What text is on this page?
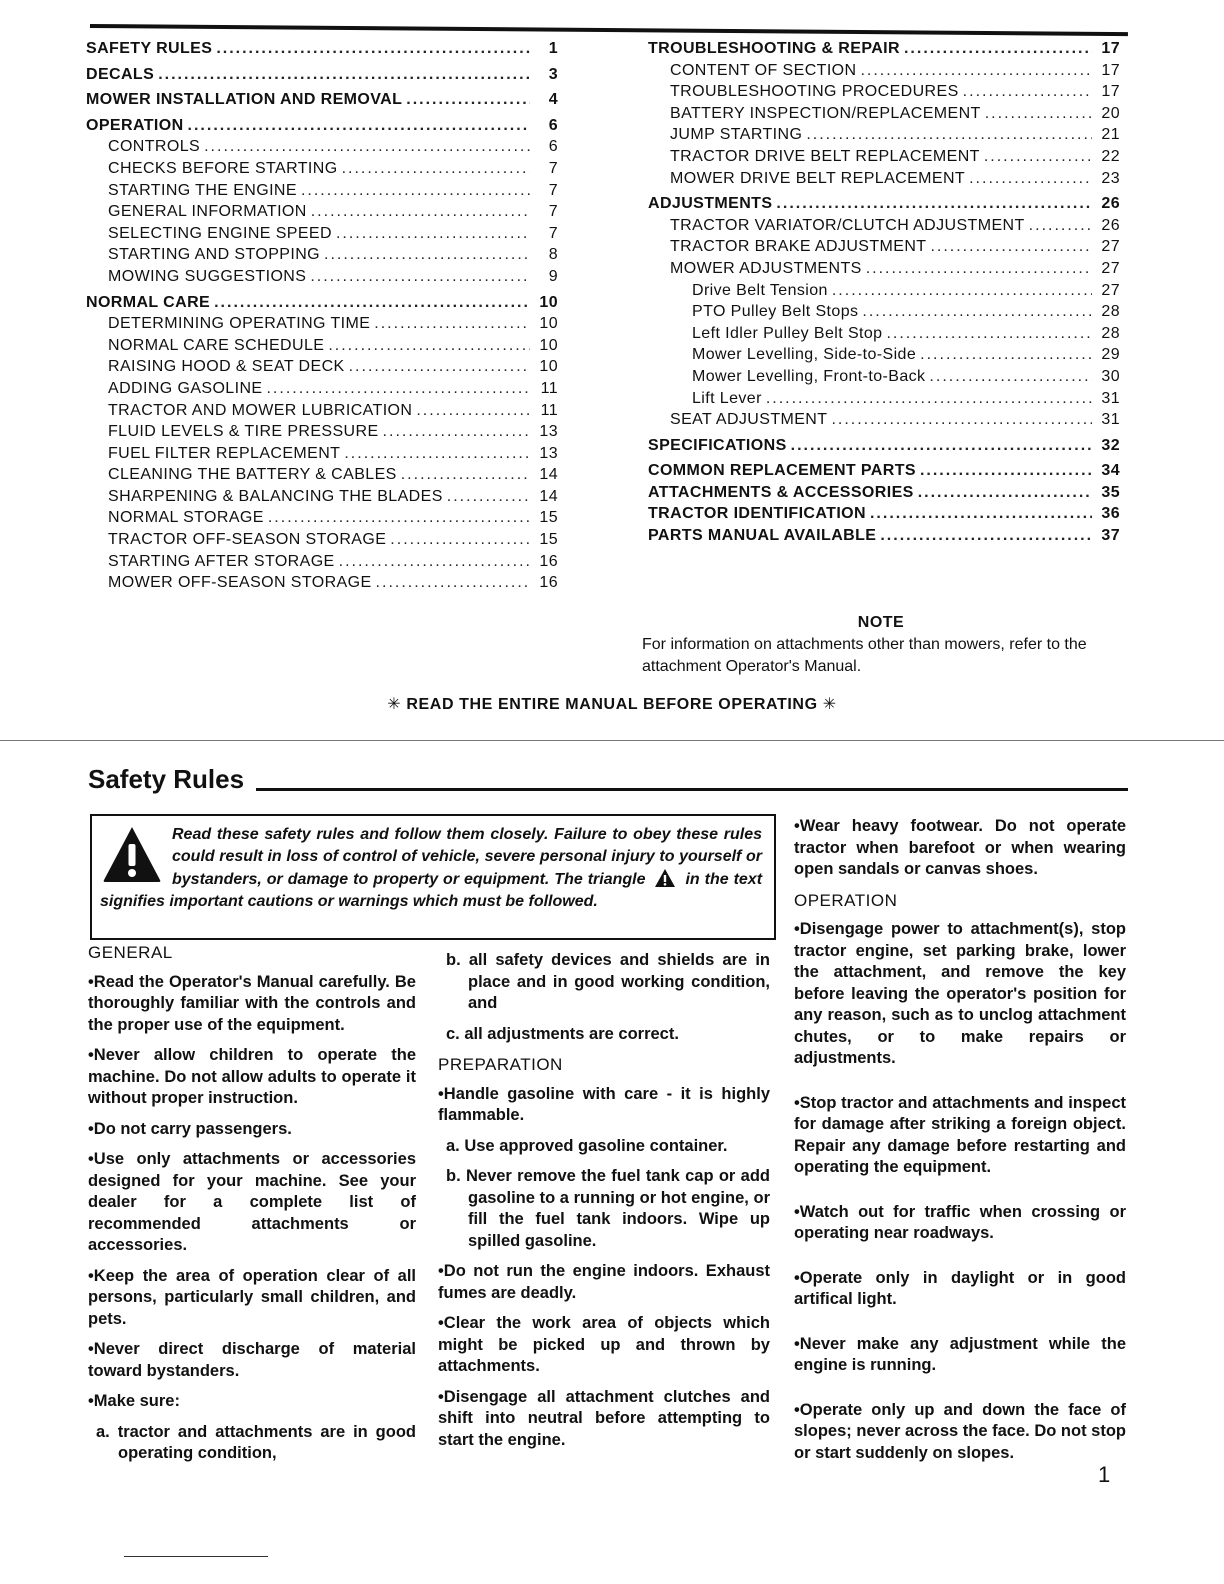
SAFETY RULES .....	1
DECALS .....	3
MOWER INSTALLATION AND REMOVAL .....	4
OPERATION .....	6
CONTROLS .....	6
CHECKS BEFORE STARTING .....	7
STARTING THE ENGINE .....	7
GENERAL INFORMATION .....	7
SELECTING ENGINE SPEED .....	7
STARTING AND STOPPING .....	8
MOWING SUGGESTIONS .....	9
NORMAL CARE .....	10
DETERMINING OPERATING TIME .....	10
NORMAL CARE SCHEDULE .....	10
RAISING HOOD & SEAT DECK .....	10
ADDING GASOLINE .....	11
TRACTOR AND MOWER LUBRICATION .....	11
FLUID LEVELS & TIRE PRESSURE .....	13
FUEL FILTER REPLACEMENT .....	13
CLEANING THE BATTERY & CABLES .....	14
SHARPENING & BALANCING THE BLADES .....	14
NORMAL STORAGE .....	15
TRACTOR OFF-SEASON STORAGE .....	15
STARTING AFTER STORAGE .....	16
MOWER OFF-SEASON STORAGE .....	16
TROUBLESHOOTING & REPAIR .....	17
CONTENT OF SECTION .....	17
TROUBLESHOOTING PROCEDURES .....	17
BATTERY INSPECTION/REPLACEMENT .....	20
JUMP STARTING .....	21
TRACTOR DRIVE BELT REPLACEMENT .....	22
MOWER DRIVE BELT REPLACEMENT .....	23
ADJUSTMENTS .....	26
TRACTOR VARIATOR/CLUTCH ADJUSTMENT .....	26
TRACTOR BRAKE ADJUSTMENT .....	27
MOWER ADJUSTMENTS .....	27
Drive Belt Tension .....	27
PTO Pulley Belt Stops .....	28
Left Idler Pulley Belt Stop .....	28
Mower Levelling, Side-to-Side .....	29
Mower Levelling, Front-to-Back .....	30
Lift Lever .....	31
SEAT ADJUSTMENT .....	31
SPECIFICATIONS .....	32
COMMON REPLACEMENT PARTS .....	34
ATTACHMENTS & ACCESSORIES .....	35
TRACTOR IDENTIFICATION .....	36
PARTS MANUAL AVAILABLE .....	37
NOTE
For information on attachments other than mowers, refer to the attachment Operator's Manual.
✳ READ THE ENTIRE MANUAL BEFORE OPERATING ✳
Safety Rules
Read these safety rules and follow them closely. Failure to obey these rules could result in loss of control of vehicle, severe personal injury to yourself or bystanders, or damage to property or equipment. The triangle in the text signifies important cautions or warnings which must be followed.
GENERAL

•Read the Operator's Manual carefully. Be thoroughly familiar with the controls and the proper use of the equipment.

•Never allow children to operate the machine. Do not allow adults to operate it without proper instruction.

•Do not carry passengers.

•Use only attachments or accessories designed for your machine. See your dealer for a complete list of recommended attachments or accessories.

•Keep the area of operation clear of all persons, particularly small children, and pets.

•Never direct discharge of material toward bystanders.

•Make sure:

a. tractor and attachments are in good operating condition,

b. all safety devices and shields are in place and in good working condition, and

c. all adjustments are correct.

PREPARATION

•Handle gasoline with care - it is highly flammable.

a. Use approved gasoline container.

b. Never remove the fuel tank cap or add gasoline to a running or hot engine, or fill the fuel tank indoors. Wipe up spilled gasoline.

•Do not run the engine indoors. Exhaust fumes are deadly.

•Clear the work area of objects which might be picked up and thrown by attachments.

•Disengage all attachment clutches and shift into neutral before attempting to start the engine.

•Wear heavy footwear. Do not operate tractor when barefoot or when wearing open sandals or canvas shoes.

OPERATION

•Disengage power to attachment(s), stop tractor engine, set parking brake, lower the attachment, and remove the key before leaving the operator's position for any reason, such as to unclog attachment chutes, or to make repairs or adjustments.

•Stop tractor and attachments and inspect for damage after striking a foreign object. Repair any damage before restarting and operating the equipment.

•Watch out for traffic when crossing or operating near roadways.

•Operate only in daylight or in good artifical light.

•Never make any adjustment while the engine is running.

•Operate only up and down the face of slopes; never across the face. Do not stop or start suddenly on slopes.

1
